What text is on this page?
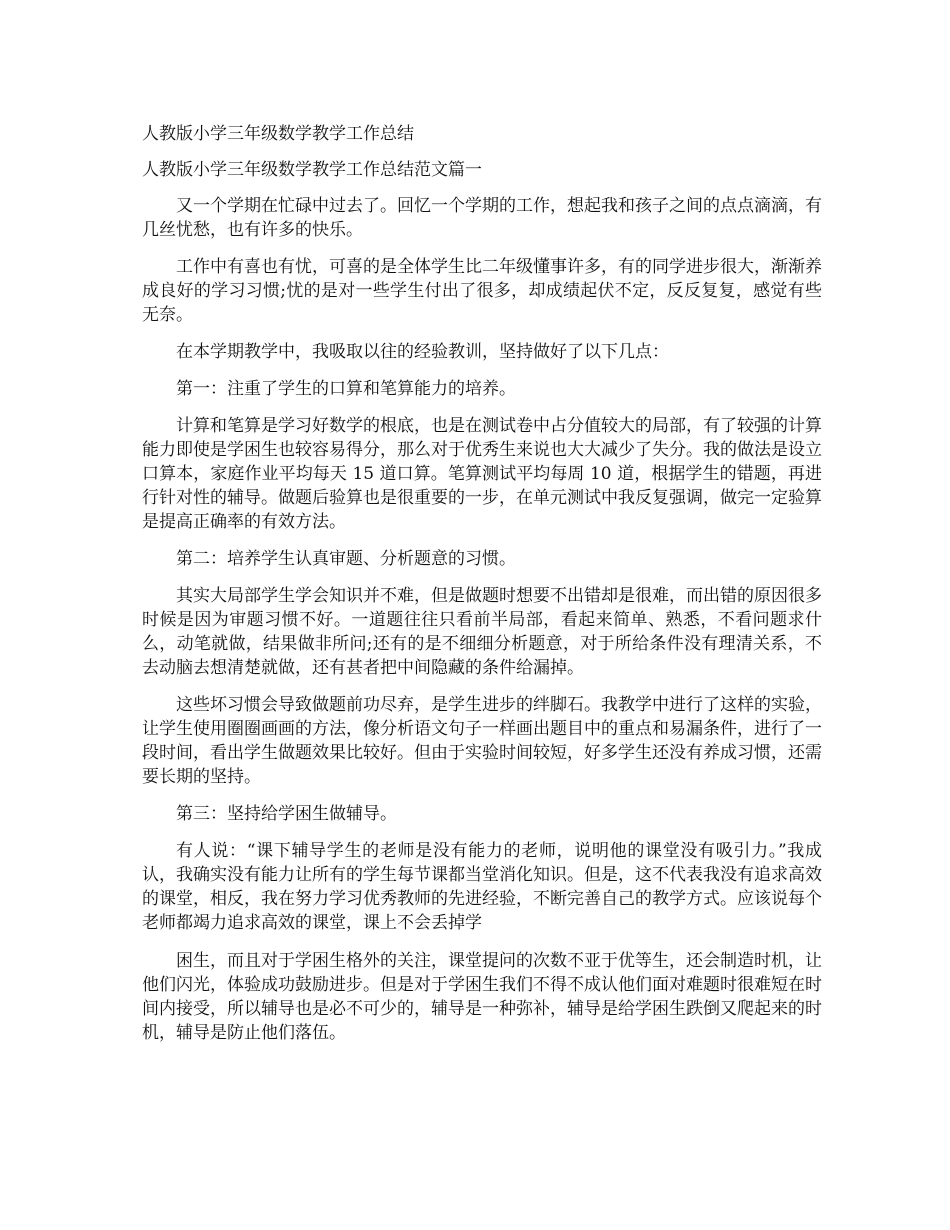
人教版小学三年级数学教学工作总结

人教版小学三年级数学教学工作总结范文篇一

又一个学期在忙碌中过去了。回忆一个学期的工作，想起我和孩子之间的点点滴滴，有几丝忧愁，也有许多的快乐。

工作中有喜也有忧，可喜的是全体学生比二年级懂事许多，有的同学进步很大，渐渐养成良好的学习习惯;忧的是对一些学生付出了很多，却成绩起伏不定，反反复复，感觉有些无奈。

在本学期教学中，我吸取以往的经验教训，坚持做好了以下几点：

第一：注重了学生的口算和笔算能力的培养。

计算和笔算是学习好数学的根底，也是在测试卷中占分值较大的局部，有了较强的计算能力即使是学困生也较容易得分，那么对于优秀生来说也大大减少了失分。我的做法是设立口算本，家庭作业平均每天 15 道口算。笔算测试平均每周 10 道，根据学生的错题，再进行针对性的辅导。做题后验算也是很重要的一步，在单元测试中我反复强调，做完一定验算是提高正确率的有效方法。

第二：培养学生认真审题、分析题意的习惯。

其实大局部学生学会知识并不难，但是做题时想要不出错却是很难，而出错的原因很多时候是因为审题习惯不好。一道题往往只看前半局部，看起来简单、熟悉，不看问题求什么，动笔就做，结果做非所问;还有的是不细细分析题意，对于所给条件没有理清关系，不去动脑去想清楚就做，还有甚者把中间隐藏的条件给漏掉。

这些坏习惯会导致做题前功尽弃，是学生进步的绊脚石。我教学中进行了这样的实验，让学生使用圈圈画画的方法，像分析语文句子一样画出题目中的重点和易漏条件，进行了一段时间，看出学生做题效果比较好。但由于实验时间较短，好多学生还没有养成习惯，还需要长期的坚持。

第三：坚持给学困生做辅导。

有人说：“课下辅导学生的老师是没有能力的老师，说明他的课堂没有吸引力。”我成认，我确实没有能力让所有的学生每节课都当堂消化知识。但是，这不代表我没有追求高效的课堂，相反，我在努力学习优秀教师的先进经验，不断完善自己的教学方式。应该说每个老师都竭力追求高效的课堂，课上不会丢掉学

困生，而且对于学困生格外的关注，课堂提问的次数不亚于优等生，还会制造时机，让他们闪光，体验成功鼓励进步。但是对于学困生我们不得不成认他们面对难题时很难短在时间内接受，所以辅导也是必不可少的，辅导是一种弥补，辅导是给学困生跌倒又爬起来的时机，辅导是防止他们落伍。
